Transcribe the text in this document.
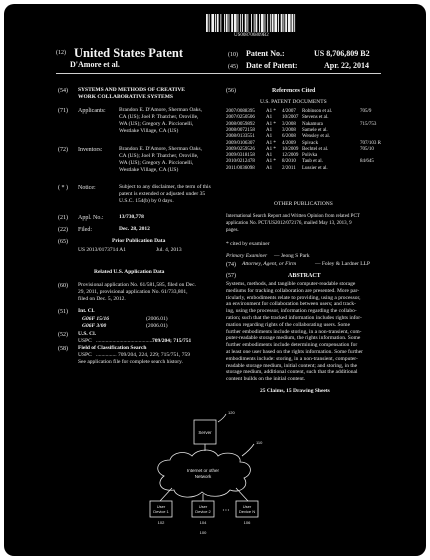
US008706809B2
(12) United States Patent
D'Amore et al.
(10) Patent No.:	US 8,706,809 B2
(45) Date of Patent:	Apr. 22, 2014
(54) SYSTEMS AND METHODS OF CREATIVE
WORK COLLABORATIVE SYSTEMS
(71) Applicants: Brandon E. D'Amore, Sherman Oaks,
CA (US); Joel P. Thatcher, Oroville,
WA (US); Gregory A. Piccionelli,
Westlake Village, CA (US)
(72) Inventors:	Brandon E. D'Amore, Sherman Oaks,
CA (US); Joel P. Thatcher, Oroville,
WA (US); Gregory A. Piccionelli,
Westlake Village, CA (US)
( * ) Notice:	Subject to any disclaimer, the term of this
patent is extended or adjusted under 35
U.S.C. 154(b) by 0 days.
(21) Appl. No.:	13/730,778
(22) Filed:	Dec. 28, 2012
(65)	Prior Publication Data
US 2013/0173714 A1	Jul. 4, 2013
Related U.S. Application Data
(60) Provisional application No. 61/581,585, filed on Dec.
29, 2011, provisional application No. 61/733,801,
filed on Dec. 5, 2012.
(51) Int. Cl.
G06F 15/16	(2006.01)
G06F 3/00	(2006.01)
(52) U.S. Cl.
USPC ..........................................
709/204; 715/751
(58) Field of Classification Search
USPC ............... 709/204, 224, 229; 715/751, 759
See application file for complete search history.
(56)	References Cited
U.S. PATENT DOCUMENTS
2007/0088395 A1 * 4/2007 Robinson et al.	705/9
2007/0250506 A1 10/2007 Stevens et al.
2008/0059892 A1 * 3/2008 Nakamura	715/753
2008/0072158 A1 3/2008 Samele et al.
2008/0133551 A1 6/2008 Wensley et al.
2009/0106307 A1 * 4/2009 Spivack	707/103 R
2009/0259526 A1 * 10/2009 Bechtel et al.	705/10
2009/0318158 A1 12/2009 Polivka
2010/0212478 A1 * 8/2010 Taub et al.	84/645
2011/0036098 A1 2/2011 Lussier et al.
OTHER PUBLICATIONS
International Search Report and Written Opinion from related PCT
application No. PCT/US2012/072176, mailed May 13, 2013, 9
pages.
* cited by examiner
Primary Examiner — Jeong S Park
(74) Attorney, Agent, or Firm	— Foley & Lardner LLP
(57)	ABSTRACT
Systems, methods, and tangible computer-readable storage
mediums for tracking collaboration are presented. More par-
ticularly, embodiments relate to providing, using a processor,
an environment for collaboration between users; and track-
ing, using the processor, information regarding the collabo-
ration; such that the tracked information includes rights infor-
mation regarding rights of the collaborating users. Some
further embodiments include storing, in a non-transient, com-
puter-readable storage medium, the rights information. Some
further embodiments include determining compensation for
at least one user based on the rights information. Some further
embodiments include: storing, in a non-transient, computer-
readable storage medium, initial content; and storing, in the
storage medium, additional content, such that the additional
content builds on the initial content.
25 Claims, 15 Drawing Sheets
Server
120
Internet or other
Network
110
User
Device 1
102
User
Device 2
104
User
Device N
106
• • •
100
